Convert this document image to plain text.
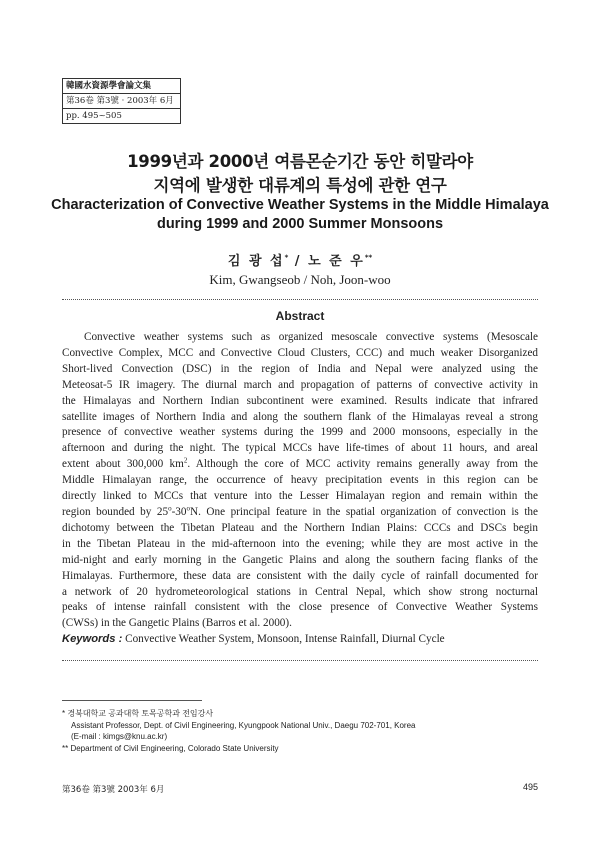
韓國水資源學會論文集
第36卷 第3號 · 2003年 6月
pp. 495~505
1999년과 2000년 여름몬순기간 동안 히말라야
지역에 발생한 대류계의 특성에 관한 연구
Characterization of Convective Weather Systems in the Middle Himalaya
during 1999 and 2000 Summer Monsoons
김 광 섭* / 노 준 우**
Kim, Gwangseob / Noh, Joon-woo
Abstract
Convective weather systems such as organized mesoscale convective systems (Mesoscale
Convective Complex, MCC and Convective Cloud Clusters, CCC) and much weaker Disorganized
Short-lived Convection (DSC) in the region of India and Nepal were analyzed using the
Meteosat-5 IR imagery. The diurnal march and propagation of patterns of convective activity in
the Himalayas and Northern Indian subcontinent were examined. Results indicate that infrared
satellite images of Northern India and along the southern flank of the Himalayas reveal a strong
presence of convective weather systems during the 1999 and 2000 monsoons, especially in the
afternoon and during the night. The typical MCCs have life-times of about 11 hours, and areal
extent about 300,000 $km^2$. Although the core of MCC activity remains generally away from the
Middle Himalayan range, the occurrence of heavy precipitation events in this region can be
directly linked to MCCs that venture into the Lesser Himalayan region and remain within the
region bounded by 25$^o$-30$^o$N. One principal feature in the spatial organization of convection is the
dichotomy between the Tibetan Plateau and the Northern Indian Plains: CCCs and DSCs begin
in the Tibetan Plateau in the mid-afternoon into the evening; while they are most active in the
mid-night and early morning in the Gangetic Plains and along the southern facing flanks of the
Himalayas. Furthermore, these data are consistent with the daily cycle of rainfall documented for
a network of 20 hydrometeorological stations in Central Nepal, which show strong nocturnal
peaks of intense rainfall consistent with the close presence of Convective Weather Systems
(CWSs) in the Gangetic Plains (Barros et al. 2000).
Keywords : Convective Weather System, Monsoon, Intense Rainfall, Diurnal Cycle
* 경북대학교 공과대학 토목공학과 전임강사
Assistant Professor, Dept. of Civil Engineering, Kyungpook National Univ., Daegu 702-701, Korea
(E-mail : kimgs@knu.ac.kr)
** Department of Civil Engineering, Colorado State University
第36卷 第3號 2003年 6月	495
